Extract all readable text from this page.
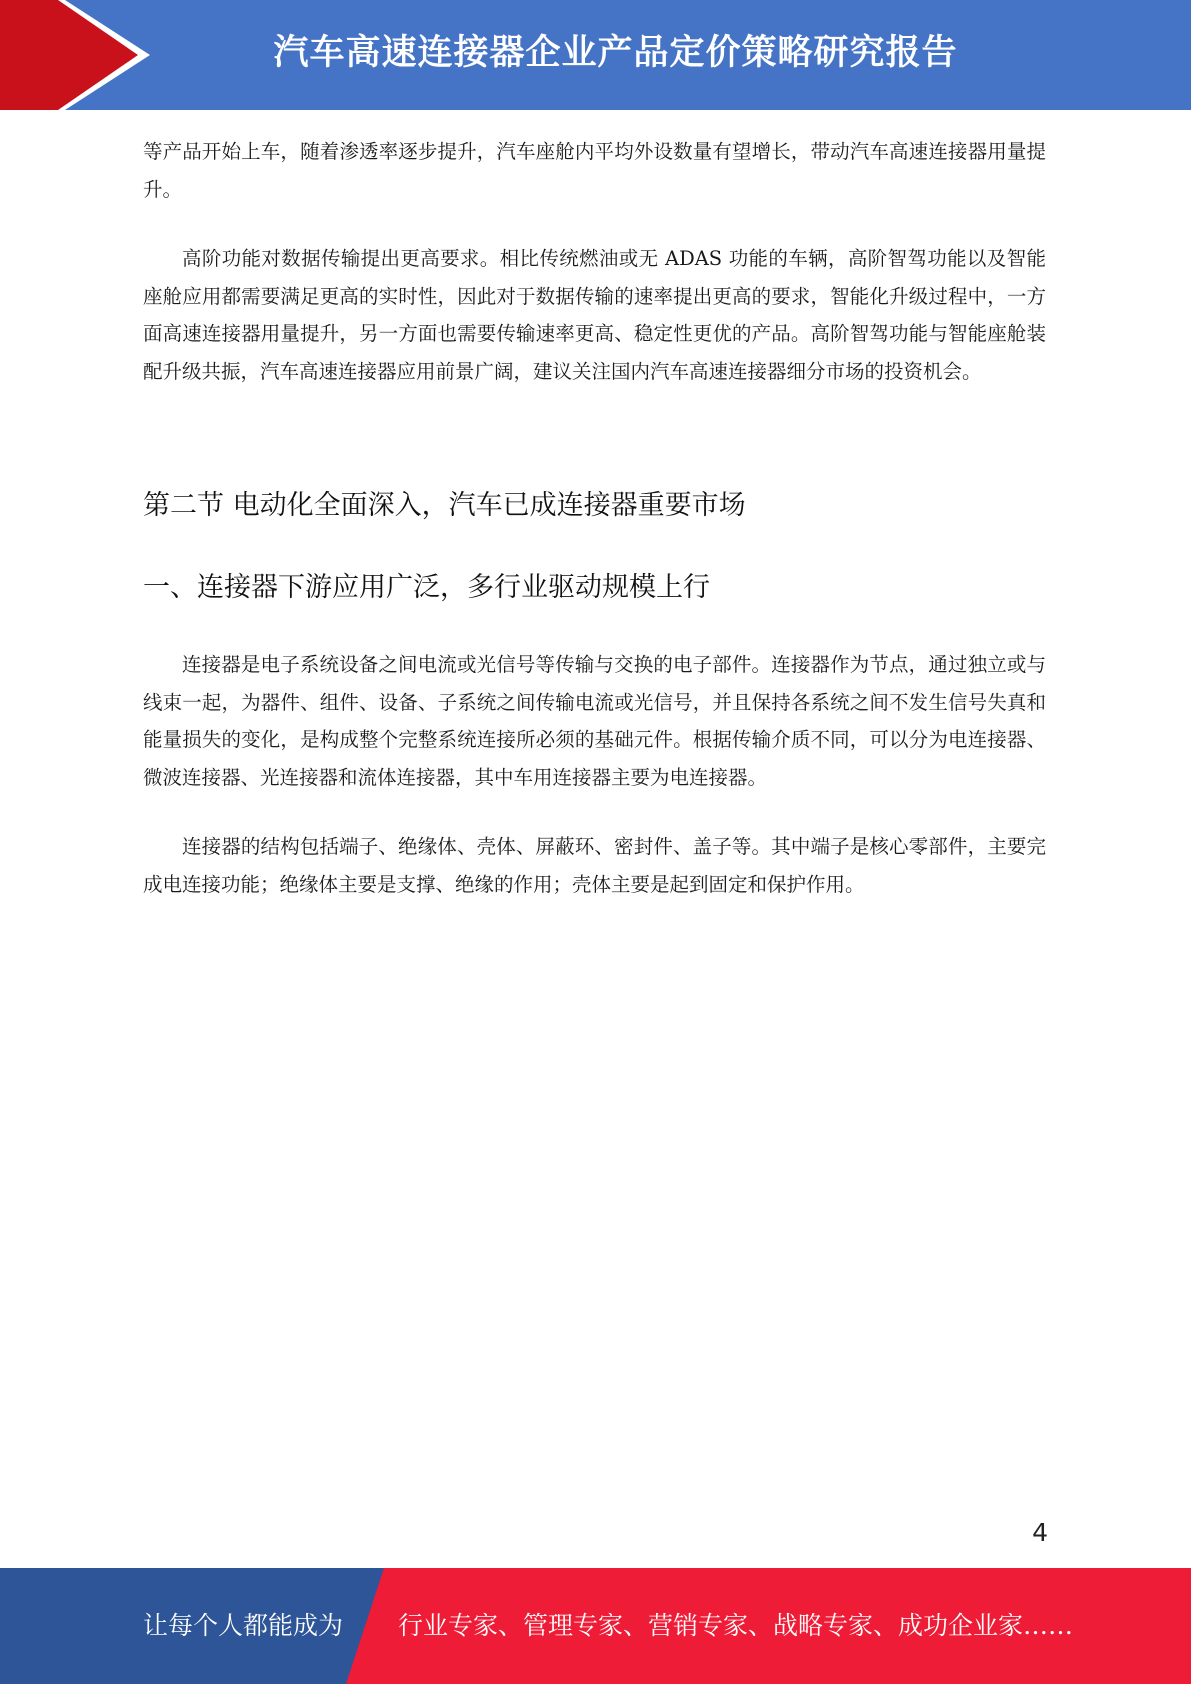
汽车高速连接器企业产品定价策略研究报告

等产品开始上车，随着渗透率逐步提升，汽车座舱内平均外设数量有望增长，带动汽车高速连接器用量提升。

高阶功能对数据传输提出更高要求。相比传统燃油或无 ADAS 功能的车辆，高阶智驾功能以及智能座舱应用都需要满足更高的实时性，因此对于数据传输的速率提出更高的要求，智能化升级过程中，一方面高速连接器用量提升，另一方面也需要传输速率更高、稳定性更优的产品。高阶智驾功能与智能座舱装配升级共振，汽车高速连接器应用前景广阔，建议关注国内汽车高速连接器细分市场的投资机会。

第二节 电动化全面深入，汽车已成连接器重要市场
一、连接器下游应用广泛，多行业驱动规模上行

连接器是电子系统设备之间电流或光信号等传输与交换的电子部件。连接器作为节点，通过独立或与线束一起，为器件、组件、设备、子系统之间传输电流或光信号，并且保持各系统之间不发生信号失真和能量损失的变化，是构成整个完整系统连接所必须的基础元件。根据传输介质不同，可以分为电连接器、微波连接器、光连接器和流体连接器，其中车用连接器主要为电连接器。

连接器的结构包括端子、绝缘体、壳体、屏蔽环、密封件、盖子等。其中端子是核心零部件，主要完成电连接功能；绝缘体主要是支撑、绝缘的作用；壳体主要是起到固定和保护作用。

4
让每个人都能成为 行业专家、管理专家、营销专家、战略专家、成功企业家……
